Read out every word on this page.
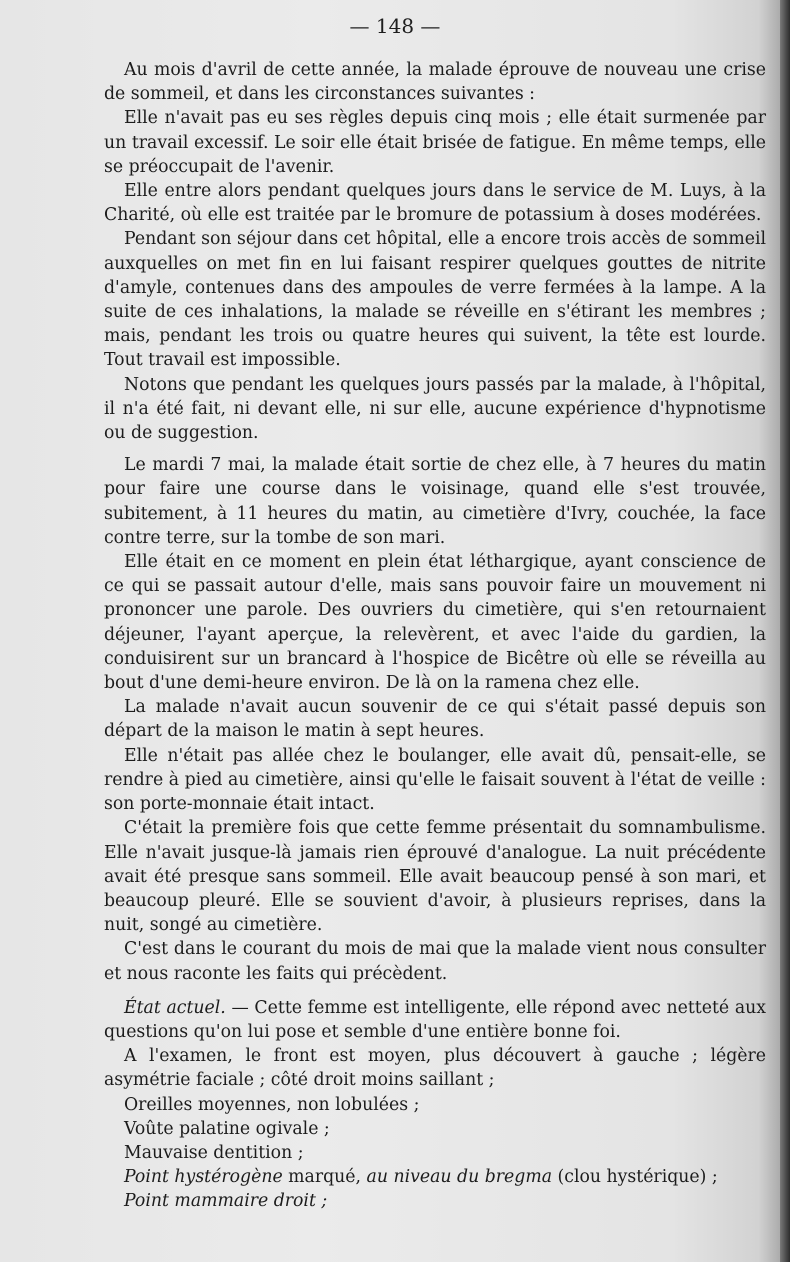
— 148 —

Au mois d'avril de cette année, la malade éprouve de nouveau une crise de sommeil, et dans les circonstances suivantes :

Elle n'avait pas eu ses règles depuis cinq mois ; elle était surmenée par un travail excessif. Le soir elle était brisée de fatigue. En même temps, elle se préoccupait de l'avenir.

Elle entre alors pendant quelques jours dans le service de M. Luys, à la Charité, où elle est traitée par le bromure de potassium à doses modérées.

Pendant son séjour dans cet hôpital, elle a encore trois accès de sommeil auxquelles on met fin en lui faisant respirer quelques gouttes de nitrite d'amyle, contenues dans des ampoules de verre fermées à la lampe. A la suite de ces inhalations, la malade se réveille en s'étirant les membres ; mais, pendant les trois ou quatre heures qui suivent, la tête est lourde. Tout travail est impossible.

Notons que pendant les quelques jours passés par la malade, à l'hôpital, il n'a été fait, ni devant elle, ni sur elle, aucune expérience d'hypnotisme ou de suggestion.

Le mardi 7 mai, la malade était sortie de chez elle, à 7 heures du matin pour faire une course dans le voisinage, quand elle s'est trouvée, subitement, à 11 heures du matin, au cimetière d'Ivry, couchée, la face contre terre, sur la tombe de son mari.

Elle était en ce moment en plein état léthargique, ayant conscience de ce qui se passait autour d'elle, mais sans pouvoir faire un mouvement ni prononcer une parole. Des ouvriers du cimetière, qui s'en retournaient déjeuner, l'ayant aperçue, la relevèrent, et avec l'aide du gardien, la conduisirent sur un brancard à l'hospice de Bicêtre où elle se réveilla au bout d'une demi-heure environ. De là on la ramena chez elle.

La malade n'avait aucun souvenir de ce qui s'était passé depuis son départ de la maison le matin à sept heures.

Elle n'était pas allée chez le boulanger, elle avait dû, pensait-elle, se rendre à pied au cimetière, ainsi qu'elle le faisait souvent à l'état de veille : son porte-monnaie était intact.

C'était la première fois que cette femme présentait du somnambulisme. Elle n'avait jusque-là jamais rien éprouvé d'analogue. La nuit précédente avait été presque sans sommeil. Elle avait beaucoup pensé à son mari, et beaucoup pleuré. Elle se souvient d'avoir, à plusieurs reprises, dans la nuit, songé au cimetière.

C'est dans le courant du mois de mai que la malade vient nous consulter et nous raconte les faits qui précèdent.

État actuel. — Cette femme est intelligente, elle répond avec netteté aux questions qu'on lui pose et semble d'une entière bonne foi.

A l'examen, le front est moyen, plus découvert à gauche ; légère asymétrie faciale ; côté droit moins saillant ;

Oreilles moyennes, non lobulées ;

Voûte palatine ogivale ;

Mauvaise dentition ;

Point hystérogène marqué, au niveau du bregma (clou hystérique) ;

Point mammaire droit ;
